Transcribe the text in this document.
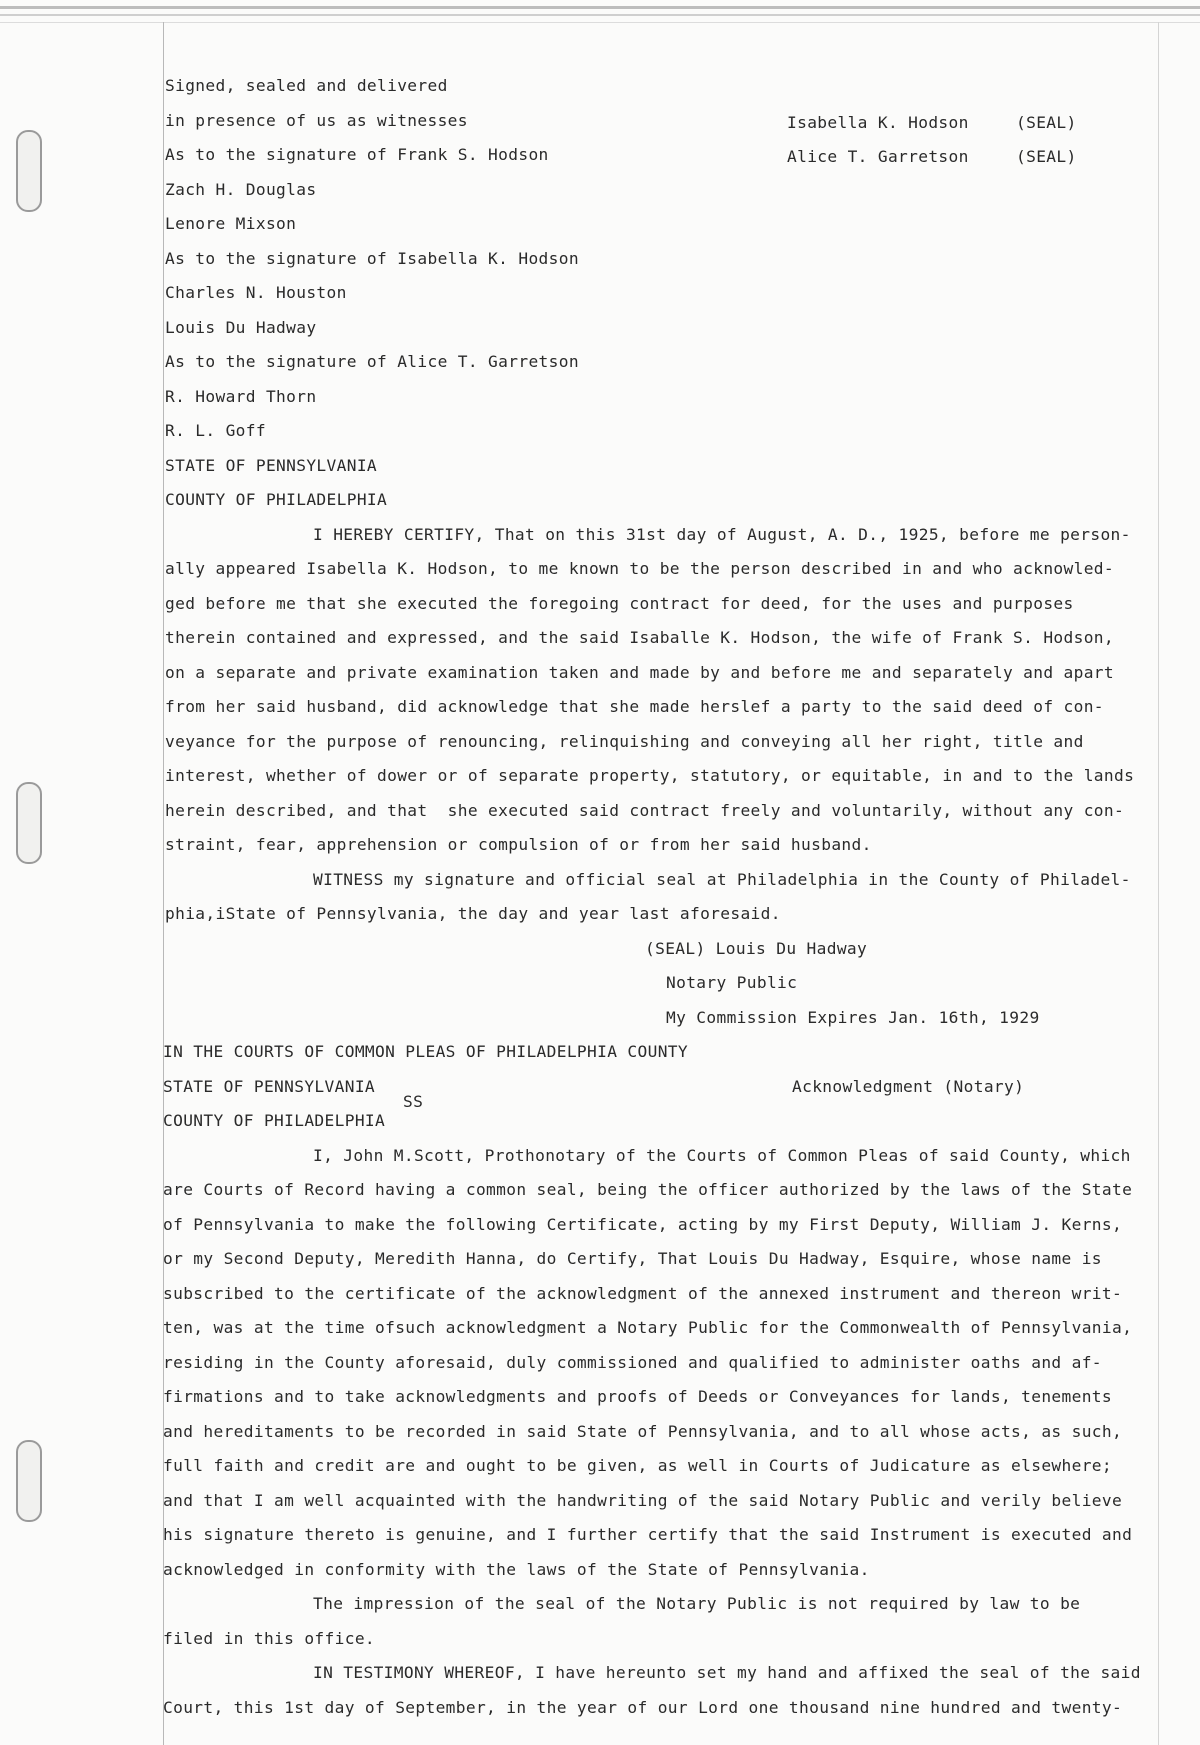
Signed, sealed and delivered
in presence of us as witnesses
As to the signature of Frank S. Hodson
Zach H. Douglas
Lenore Mixson
As to the signature of Isabella K. Hodson
Charles N. Houston
Louis Du Hadway
As to the signature of Alice T. Garretson
R. Howard Thorn
R. L. Goff
STATE OF PENNSYLVANIA
COUNTY OF PHILADELPHIA
Isabella K. Hodson	(SEAL)
Alice T. Garretson	(SEAL)
I HEREBY CERTIFY, That on this 31st day of August, A. D., 1925, before me person-
ally appeared Isabella K. Hodson, to me known to be the person described in and who acknowled-
ged before me that she executed the foregoing contract for deed, for the uses and purposes
therein contained and expressed, and the said Isaballe K. Hodson, the wife of Frank S. Hodson,
on a separate and private examination taken and made by and before me and separately and apart
from her said husband, did acknowledge that she made herslef a party to the said deed of con-
veyance for the purpose of renouncing, relinquishing and conveying all her right, title and
interest, whether of dower or of separate property, statutory, or equitable, in and to the lands
herein described, and that  she executed said contract freely and voluntarily, without any con-
straint, fear, apprehension or compulsion of or from her said husband.
WITNESS my signature and official seal at Philadelphia in the County of Philadel-
phia,iState of Pennsylvania, the day and year last aforesaid.
(SEAL) Louis Du Hadway
Notary Public
My Commission Expires Jan. 16th, 1929
IN THE COURTS OF COMMON PLEAS OF PHILADELPHIA COUNTY
STATE OF PENNSYLVANIA
SS
COUNTY OF PHILADELPHIA
Acknowledgment (Notary)
I, John M.Scott, Prothonotary of the Courts of Common Pleas of said County, which
are Courts of Record having a common seal, being the officer authorized by the laws of the State
of Pennsylvania to make the following Certificate, acting by my First Deputy, William J. Kerns,
or my Second Deputy, Meredith Hanna, do Certify, That Louis Du Hadway, Esquire, whose name is
subscribed to the certificate of the acknowledgment of the annexed instrument and thereon writ-
ten, was at the time ofsuch acknowledgment a Notary Public for the Commonwealth of Pennsylvania,
residing in the County aforesaid, duly commissioned and qualified to administer oaths and af-
firmations and to take acknowledgments and proofs of Deeds or Conveyances for lands, tenements
and hereditaments to be recorded in said State of Pennsylvania, and to all whose acts, as such,
full faith and credit are and ought to be given, as well in Courts of Judicature as elsewhere;
and that I am well acquainted with the handwriting of the said Notary Public and verily believe
his signature thereto is genuine, and I further certify that the said Instrument is executed and
acknowledged in conformity with the laws of the State of Pennsylvania.
The impression of the seal of the Notary Public is not required by law to be
filed in this office.
IN TESTIMONY WHEREOF, I have hereunto set my hand and affixed the seal of the said
Court, this 1st day of September, in the year of our Lord one thousand nine hundred and twenty-
